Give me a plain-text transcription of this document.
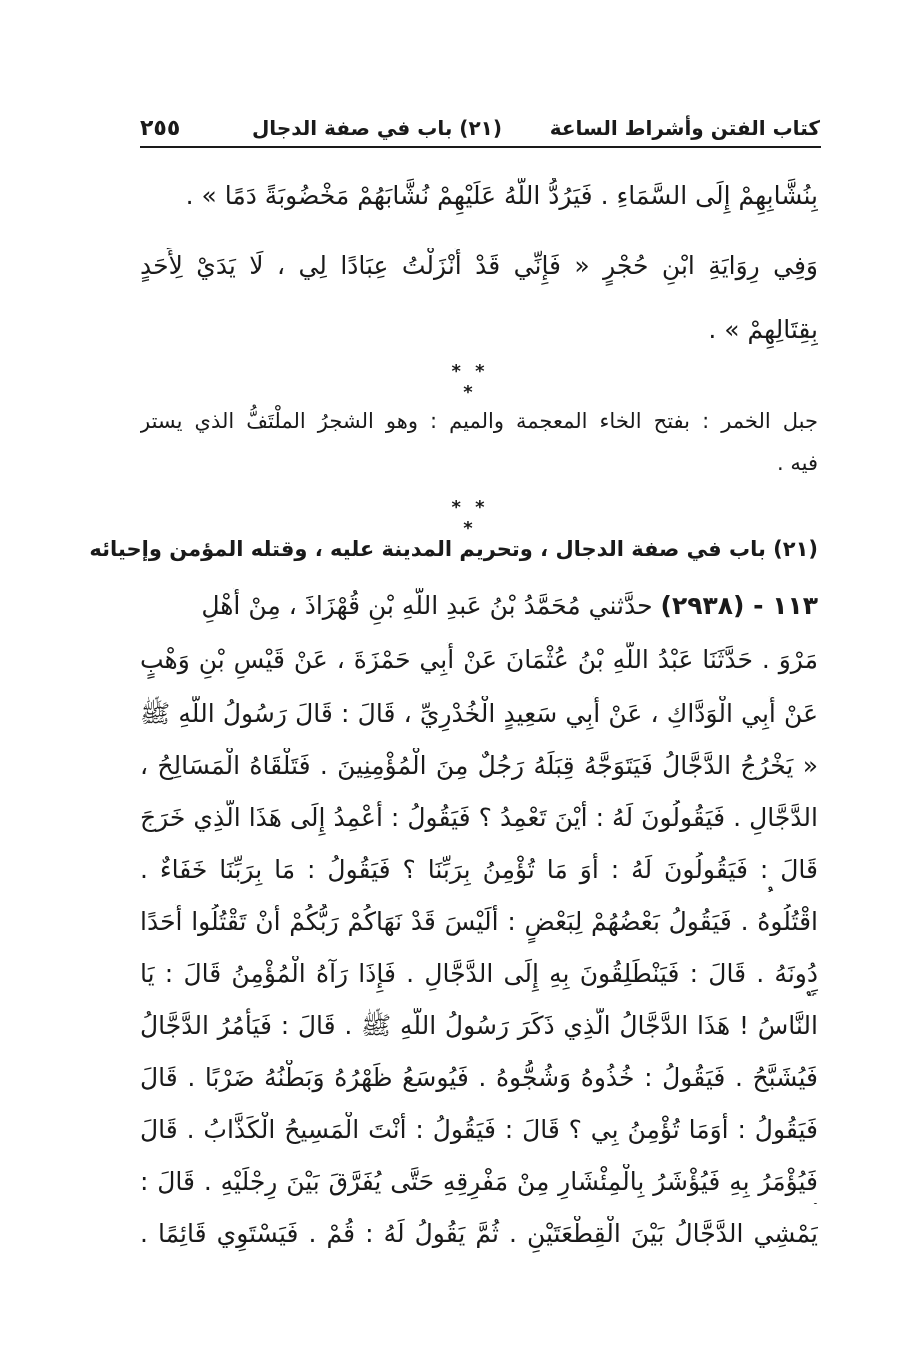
كتاب الفتن وأشراط الساعة
(٢١) باب في صفة الدجال
٢٥٥
بِنُشَّابِهِمْ إِلَى السَّمَاءِ . فَيَرُدُّ اللَّهُ عَلَيْهِمْ نُشَّابَهُمْ مَخْضُوبَةً دَمًا » .
وَفِي رِوَايَةِ ابْنِ حُجْرٍ « فَإِنِّي قَدْ أَنْزَلْتُ عِبَادًا لِي ، لَا يَدَيْ لِأَحَدٍ
بِقِتَالِهِمْ » .
* * *
جبل الخمر : بفتح الخاء المعجمة والميم : وهو الشجرُ الملْتَفُّ الذي يستر
فيه .
* * *
(٢١) باب في صفة الدجال ، وتحريم المدينة عليه ، وقتله المؤمن وإحيائه
١١٣ - (٢٩٣٨) حدَّثني مُحَمَّدُ بْنُ عَبدِ اللَّهِ بْنِ قُهْزَاذَ ، مِنْ أَهْلِ
مَرْوَ . حَدَّثَنَا عَبْدُ اللَّهِ بْنُ عُثْمَانَ عَنْ أَبِي حَمْزَةَ ، عَنْ قَيْسِ بْنِ وَهْبٍ
عَنْ أَبِي الْوَدَّاكِ ، عَنْ أَبِي سَعِيدٍ الْخُدْرِيِّ ، قَالَ : قَالَ رَسُولُ اللَّهِ ﷺ
« يَخْرُجُ الدَّجَّالُ فَيَتَوَجَّهُ قِبَلَهُ رَجُلٌ مِنَ الْمُؤْمِنِينَ . فَتَلْقَاهُ الْمَسَالِحُ ،
الدَّجَّالِ . فَيَقُولُونَ لَهُ : أَيْنَ تَعْمِدُ ؟ فَيَقُولُ : أَعْمِدُ إِلَى هَذَا الَّذِي خَرَجَ
قَالَ : فَيَقُولُونَ لَهُ : أَوَ مَا تُؤْمِنُ بِرَبِّنَا ؟ فَيَقُولُ : مَا بِرَبِّنَا خَفَاءٌ .
اقْتُلُوهُ . فَيَقُولُ بَعْضُهُمْ لِبَعْضٍ : أَلَيْسَ قَدْ نَهَاكُمْ رَبُّكُمْ أَنْ تَقْتُلُوا أَحَدًا
دُونَهُ . قَالَ : فَيَنْطَلِقُونَ بِهِ إِلَى الدَّجَّالِ . فَإِذَا رَآهُ الْمُؤْمِنُ قَالَ : يَا
النَّاسُ ! هَذَا الدَّجَّالُ الَّذِي ذَكَرَ رَسُولُ اللَّهِ ﷺ . قَالَ : فَيَأْمُرُ الدَّجَّالُ
فَيُشَبَّحُ . فَيَقُولُ : خُذُوهُ وَشُجُّوهُ . فَيُوسَعُ ظَهْرُهُ وَبَطْنُهُ ضَرْبًا . قَالَ
فَيَقُولُ : أَوَمَا تُؤْمِنُ بِي ؟ قَالَ : فَيَقُولُ : أَنْتَ الْمَسِيحُ الْكَذَّابُ . قَالَ
فَيُؤْمَرُ بِهِ فَيُؤْشَرُ بِالْمِئْشَارِ مِنْ مَفْرِقِهِ حَتَّى يُفَرَّقَ بَيْنَ رِجْلَيْهِ . قَالَ :
يَمْشِي الدَّجَّالُ بَيْنَ الْقِطْعَتَيْنِ . ثُمَّ يَقُولُ لَهُ : قُمْ . فَيَسْتَوِي قَائِمًا .
